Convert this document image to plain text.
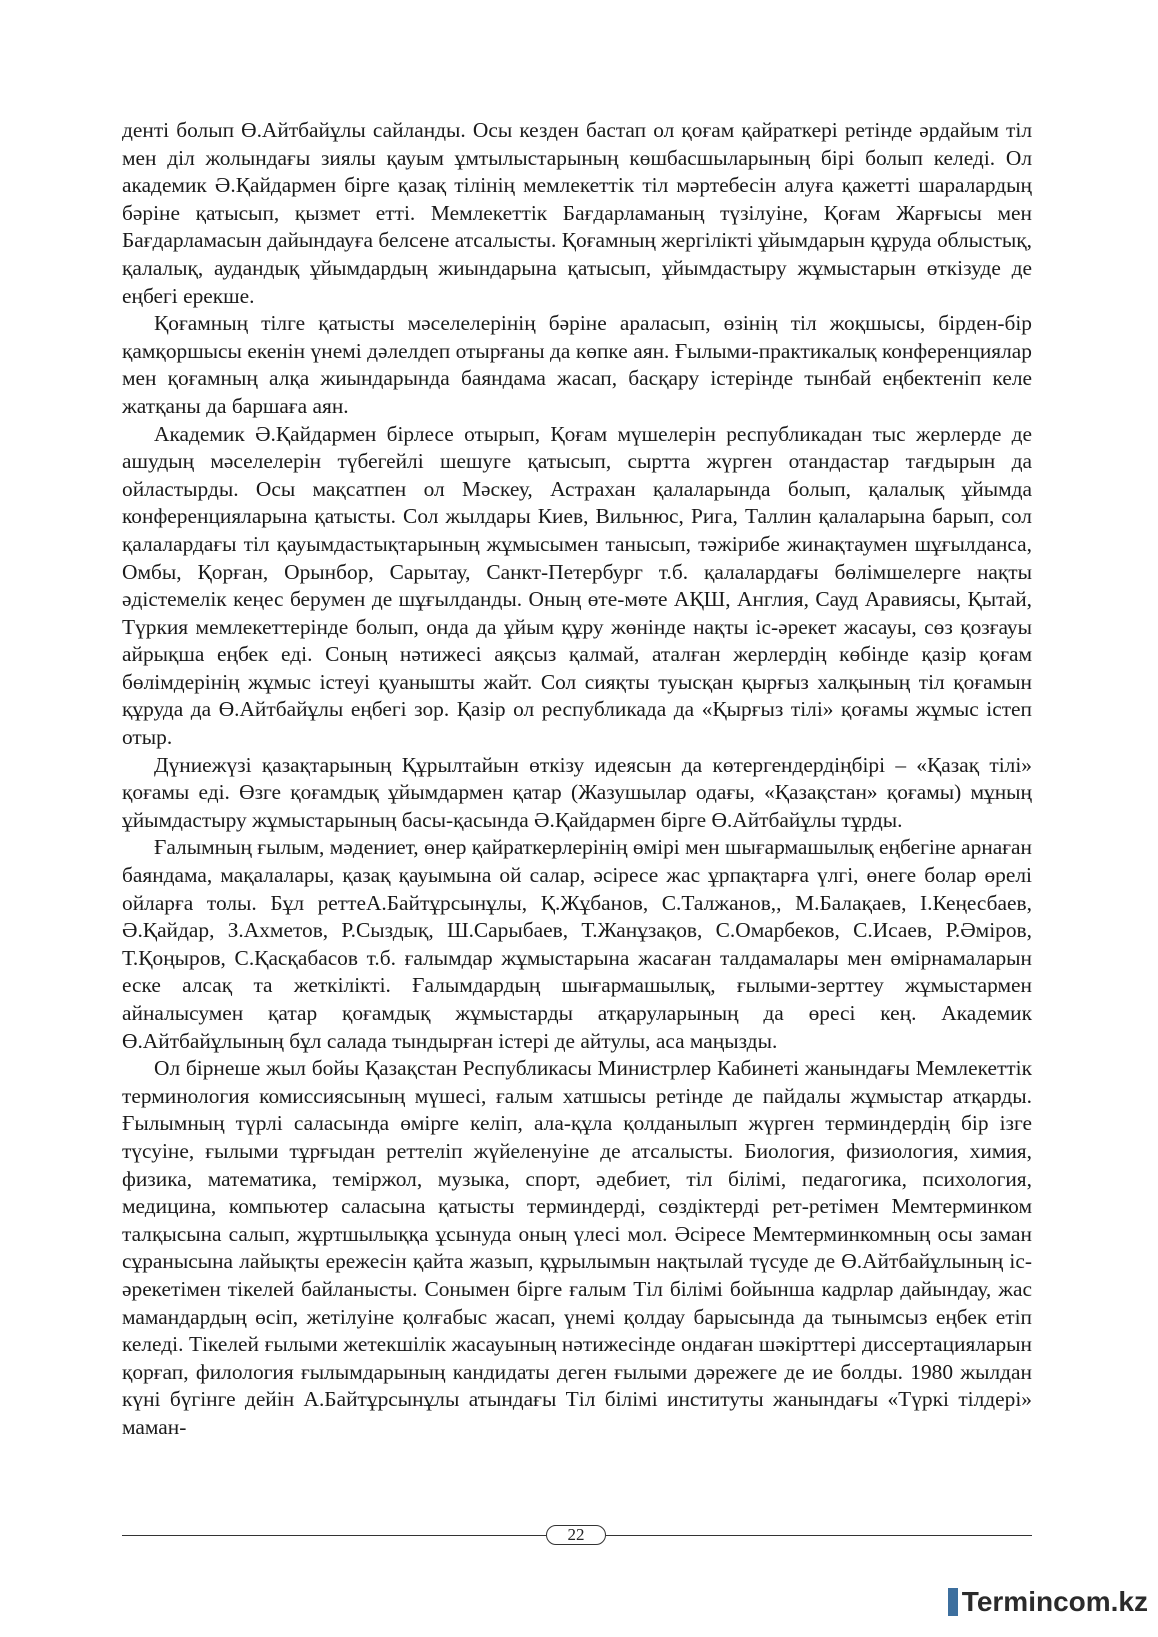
денті болып Ө.Айтбайұлы сайланды. Осы кезден бастап ол қоғам қайраткері ретінде әрдайым тіл мен діл жолындағы зиялы қауым ұмтылыстарының көшбасшыларының бірі болып келеді. Ол академик Ә.Қайдармен бірге қазақ тілінің мемлекеттік тіл мәртебесін алуға қажетті шаралардың бәріне қатысып, қызмет етті. Мемлекеттік Бағдарламаның түзілуіне, Қоғам Жарғысы мен Бағдарламасын дайындауға белсене атсалысты. Қоғамның жергілікті ұйымдарын құруда облыстық, қалалық, аудандық ұйымдардың жиындарына қатысып, ұйымдастыру жұмыстарын өткізуде де еңбегі ерекше.

Қоғамның тілге қатысты мәселелерінің бәріне араласып, өзінің тіл жоқшысы, бірден-бір қамқоршысы екенін үнемі дәлелдеп отырғаны да көпке аян. Ғылыми-практикалық конференциялар мен қоғамның алқа жиындарында баяндама жасап, басқару істерінде тынбай еңбектеніп келе жатқаны да баршаға аян.

Академик Ә.Қайдармен бірлесе отырып, Қоғам мүшелерін республикадан тыс жерлерде де ашудың мәселелерін түбегейлі шешуге қатысып, сыртта жүрген отандастар тағдырын да ойластырды. Осы мақсатпен ол Мәскеу, Астрахан қалаларында болып, қалалық ұйымда конференцияларына қатысты. Сол жылдары Киев, Вильнюс, Рига, Таллин қалаларына барып, сол қалалардағы тіл қауымдастықтарының жұмысымен танысып, тәжірибе жинақтаумен шұғылданса, Омбы, Қорған, Орынбор, Сарытау, Санкт-Петербург т.б. қалалардағы бөлімшелерге нақты әдістемелік кеңес берумен де шұғылданды. Оның өте-мөте АҚШ, Англия, Сауд Аравиясы, Қытай, Түркия мемлекеттерінде болып, онда да ұйым құру жөнінде нақты іс-әрекет жасауы, сөз қозғауы айрықша еңбек еді. Соның нәтижесі аяқсыз қалмай, аталған жерлердің көбінде қазір қоғам бөлімдерінің жұмыс істеуі қуанышты жайт. Сол сияқты туысқан қырғыз халқының тіл қоғамын құруда да Ө.Айтбайұлы еңбегі зор. Қазір ол республикада да «Қырғыз тілі» қоғамы жұмыс істеп отыр.

Дүниежүзі қазақтарының Құрылтайын өткізу идеясын да көтергендердіңбірі – «Қазақ тілі» қоғамы еді. Өзге қоғамдық ұйымдармен қатар (Жазушылар одағы, «Қазақстан» қоғамы) мұның ұйымдастыру жұмыстарының басы-қасында Ә.Қайдармен бірге Ө.Айтбайұлы тұрды.

Ғалымның ғылым, мәдениет, өнер қайраткерлерінің өмірі мен шығармашылық еңбегіне арнаған баяндама, мақалалары, қазақ қауымына ой салар, әсіресе жас ұрпақтарға үлгі, өнеге болар өрелі ойларға толы. Бұл реттеА.Байтұрсынұлы, Қ.Жұбанов, С.Талжанов,, М.Балақаев, І.Кеңесбаев, Ә.Қайдар, З.Ахметов, Р.Сыздық, Ш.Сарыбаев, Т.Жанұзақов, С.Омарбеков, С.Исаев, Р.Әміров, Т.Қоңыров, С.Қасқабасов т.б. ғалымдар жұмыстарына жасаған талдамалары мен өмірнамаларын еске алсақ та жеткілікті. Ғалымдардың шығармашылық, ғылыми-зерттеу жұмыстармен айналысумен қатар қоғамдық жұмыстарды атқаруларының да өресі кең. Академик Ө.Айтбайұлының бұл салада тындырған істері де айтулы, аса маңызды.

Ол бірнеше жыл бойы Қазақстан Республикасы Министрлер Кабинеті жанындағы Мемлекеттік терминология комиссиясының мүшесі, ғалым хатшысы ретінде де пайдалы жұмыстар атқарды. Ғылымның түрлі саласында өмірге келіп, ала-құла қолданылып жүрген терминдердің бір ізге түсуіне, ғылыми тұрғыдан реттеліп жүйеленуіне де атсалысты. Биология, физиология, химия, физика, математика, теміржол, музыка, спорт, әдебиет, тіл білімі, педагогика, психология, медицина, компьютер саласына қатысты терминдерді, сөздіктерді рет-ретімен Мемтерминком талқысына салып, жұртшылыққа ұсынуда оның үлесі мол. Әсіресе Мемтерминкомның осы заман сұранысына лайықты ережесін қайта жазып, құрылымын нақтылай түсуде де Ө.Айтбайұлының іс-әрекетімен тікелей байланысты. Сонымен бірге ғалым Тіл білімі бойынша кадрлар дайындау, жас мамандардың өсіп, жетілуіне қолғабыс жасап, үнемі қолдау барысында да тынымсыз еңбек етіп келеді. Тікелей ғылыми жетекшілік жасауының нәтижесінде ондаған шәкірттері диссертацияларын қорғап, филология ғылымдарының кандидаты деген ғылыми дәрежеге де ие болды. 1980 жылдан күні бүгінге дейін А.Байтұрсынұлы атындағы Тіл білімі институты жанындағы «Түркі тілдері» маман-

22
Termincom.kz
